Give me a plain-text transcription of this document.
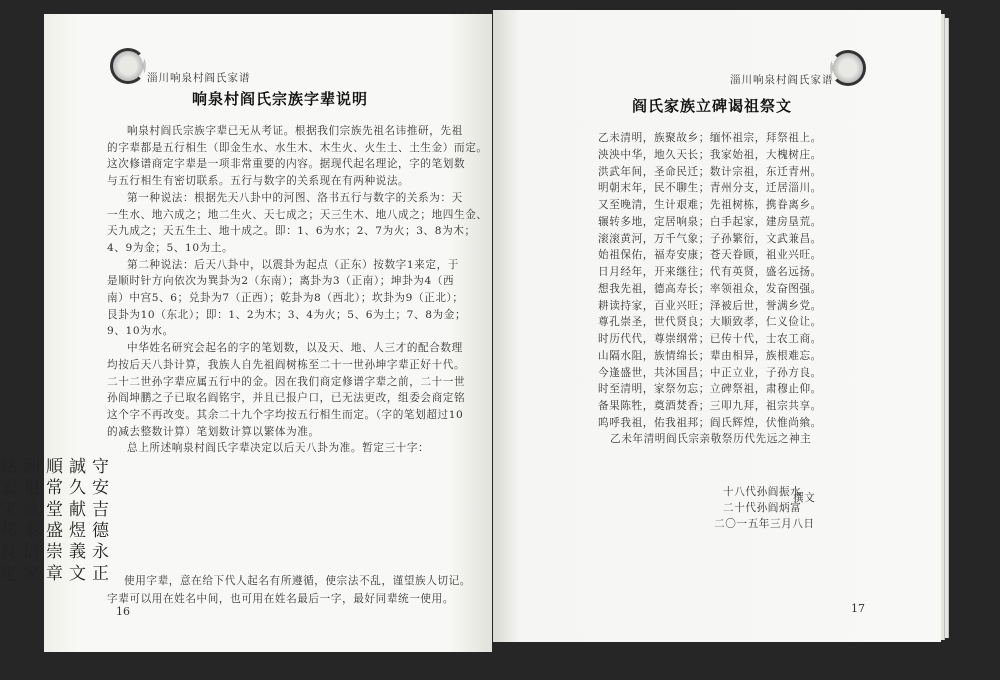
淄川响泉村阎氏家谱
响泉村阎氏宗族字辈说明
响泉村阎氏宗族字辈已无从考证。根据我们宗族先祖名讳推研，先祖
的字辈都是五行相生（即金生水、水生木、木生火、火生土、土生金）而定。
这次修谱商定字辈是一项非常重要的内容。据现代起名理论，字的笔划数
与五行相生有密切联系。五行与数字的关系现在有两种说法。
第一种说法：根据先天八卦中的河图、洛书五行与数字的关系为：天
一生水、地六成之；地二生火、天七成之；天三生木、地八成之；地四生金、
天九成之；天五生土、地十成之。即：1、6为水；2、7为火；3、8为木；
4、9为金；5、10为土。
第二种说法：后天八卦中，以震卦为起点（正东）按数字1来定，于
是顺时针方向依次为巽卦为2（东南）；离卦为3（正南）；坤卦为4（西
南）中宫5、6；兑卦为7（正西）；乾卦为8（西北）；坎卦为9（正北）；
艮卦为10（东北）；即：1、2为木；3、4为火；5、6为土；7、8为金；
9、10为水。
中华姓名研究会起名的字的笔划数，以及天、地、人三才的配合数理
均按后天八卦计算，我族人自先祖阎树栋至二十一世孙坤字辈正好十代。
二十二世孙字辈应属五行中的金。因在我们商定修谱字辈之前，二十一世
孙阎坤鹏之子已取名阎铭宇，并且已报户口，已无法更改，组委会商定铭
这个字不再改变。其余二十九个字均按五行相生而定。（字的笔划超过10
的减去整数计算）笔划数计算以繁体为准。
总上所述响泉村阎氏字辈决定以后天八卦为准。暂定三十字：
銘洲順誠守
宏祖常久安
宝泳堂献吉
邦泰盛煜德
良信崇義永
定家章文正 使用字辈，意在给下代人起名有所遵循，使宗法不乱，谨望族人切记。
字辈可以用在姓名中间，也可用在姓名最后一字，最好同辈统一使用。
16
淄川响泉村阎氏家谱
阎氏家族立碑谒祖祭文
乙未清明，族聚故乡；缅怀祖宗，拜祭祖上。
泱泱中华，地久天长；我家始祖，大槐树庄。
洪武年间，圣命民迁；数计宗祖，东迁青州。
明朝末年，民不聊生；青州分支，迁居淄川。
又至晚清，生计艰难；先祖树栋，携眷离乡。
辗转多地，定居响泉；白手起家，建房垦荒。
滚滚黄河，万千气象；子孙繁衍，文武兼昌。
始祖保佑，福寿安康；苍天眷顾，祖业兴旺。
日月经年，开来继往；代有英贤，盛名远扬。
想我先祖，德高寿长；率领祖众，发奋图强。
耕读持家，百业兴旺；泽被后世，誉满乡党。
尊孔崇圣，世代贤良；大顺致孝，仁义俭让。
时历代代，尊崇纲常；已传十代，士农工商。
山隔水阻，族情绵长；辈由相异，族根难忘。
今逢盛世，共沐国昌；中正立业，子孙方良。
时至清明，家祭勿忘；立碑祭祖，肃穆止仰。
备果陈牲，奠酒焚香；三叩九拜，祖宗共享。
呜呼我祖，佑我祖邦；阎氏辉煌，伏惟尚飨。
乙未年清明阎氏宗亲敬祭历代先远之神主
十八代孙阎振水
二十代孙阎炳富
撰文
二〇一五年三月八日
17
